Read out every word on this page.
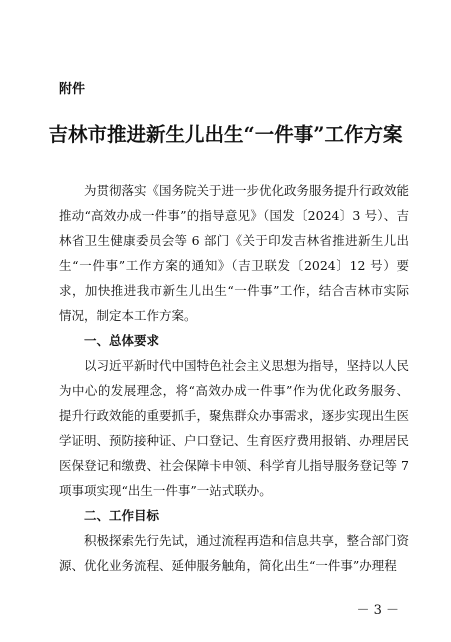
附件

吉林市推进新生儿出生“一件事”工作方案

为贯彻落实《国务院关于进一步优化政务服务提升行政效能推动“高效办成一件事”的指导意见》（国发〔2024〕3 号）、吉林省卫生健康委员会等 6 部门《关于印发吉林省推进新生儿出生“一件事”工作方案的通知》（吉卫联发〔2024〕12 号）要求，加快推进我市新生儿出生“一件事”工作，结合吉林市实际情况，制定本工作方案。

一、总体要求

以习近平新时代中国特色社会主义思想为指导，坚持以人民为中心的发展理念，将“高效办成一件事”作为优化政务服务、提升行政效能的重要抓手，聚焦群众办事需求，逐步实现出生医学证明、预防接种证、户口登记、生育医疗费用报销、办理居民医保登记和缴费、社会保障卡申领、科学育儿指导服务登记等 7 项事项实现“出生一件事”一站式联办。

二、工作目标

积极探索先行先试，通过流程再造和信息共享，整合部门资源、优化业务流程、延伸服务触角，简化出生“一件事”办理程

－ 3 －
